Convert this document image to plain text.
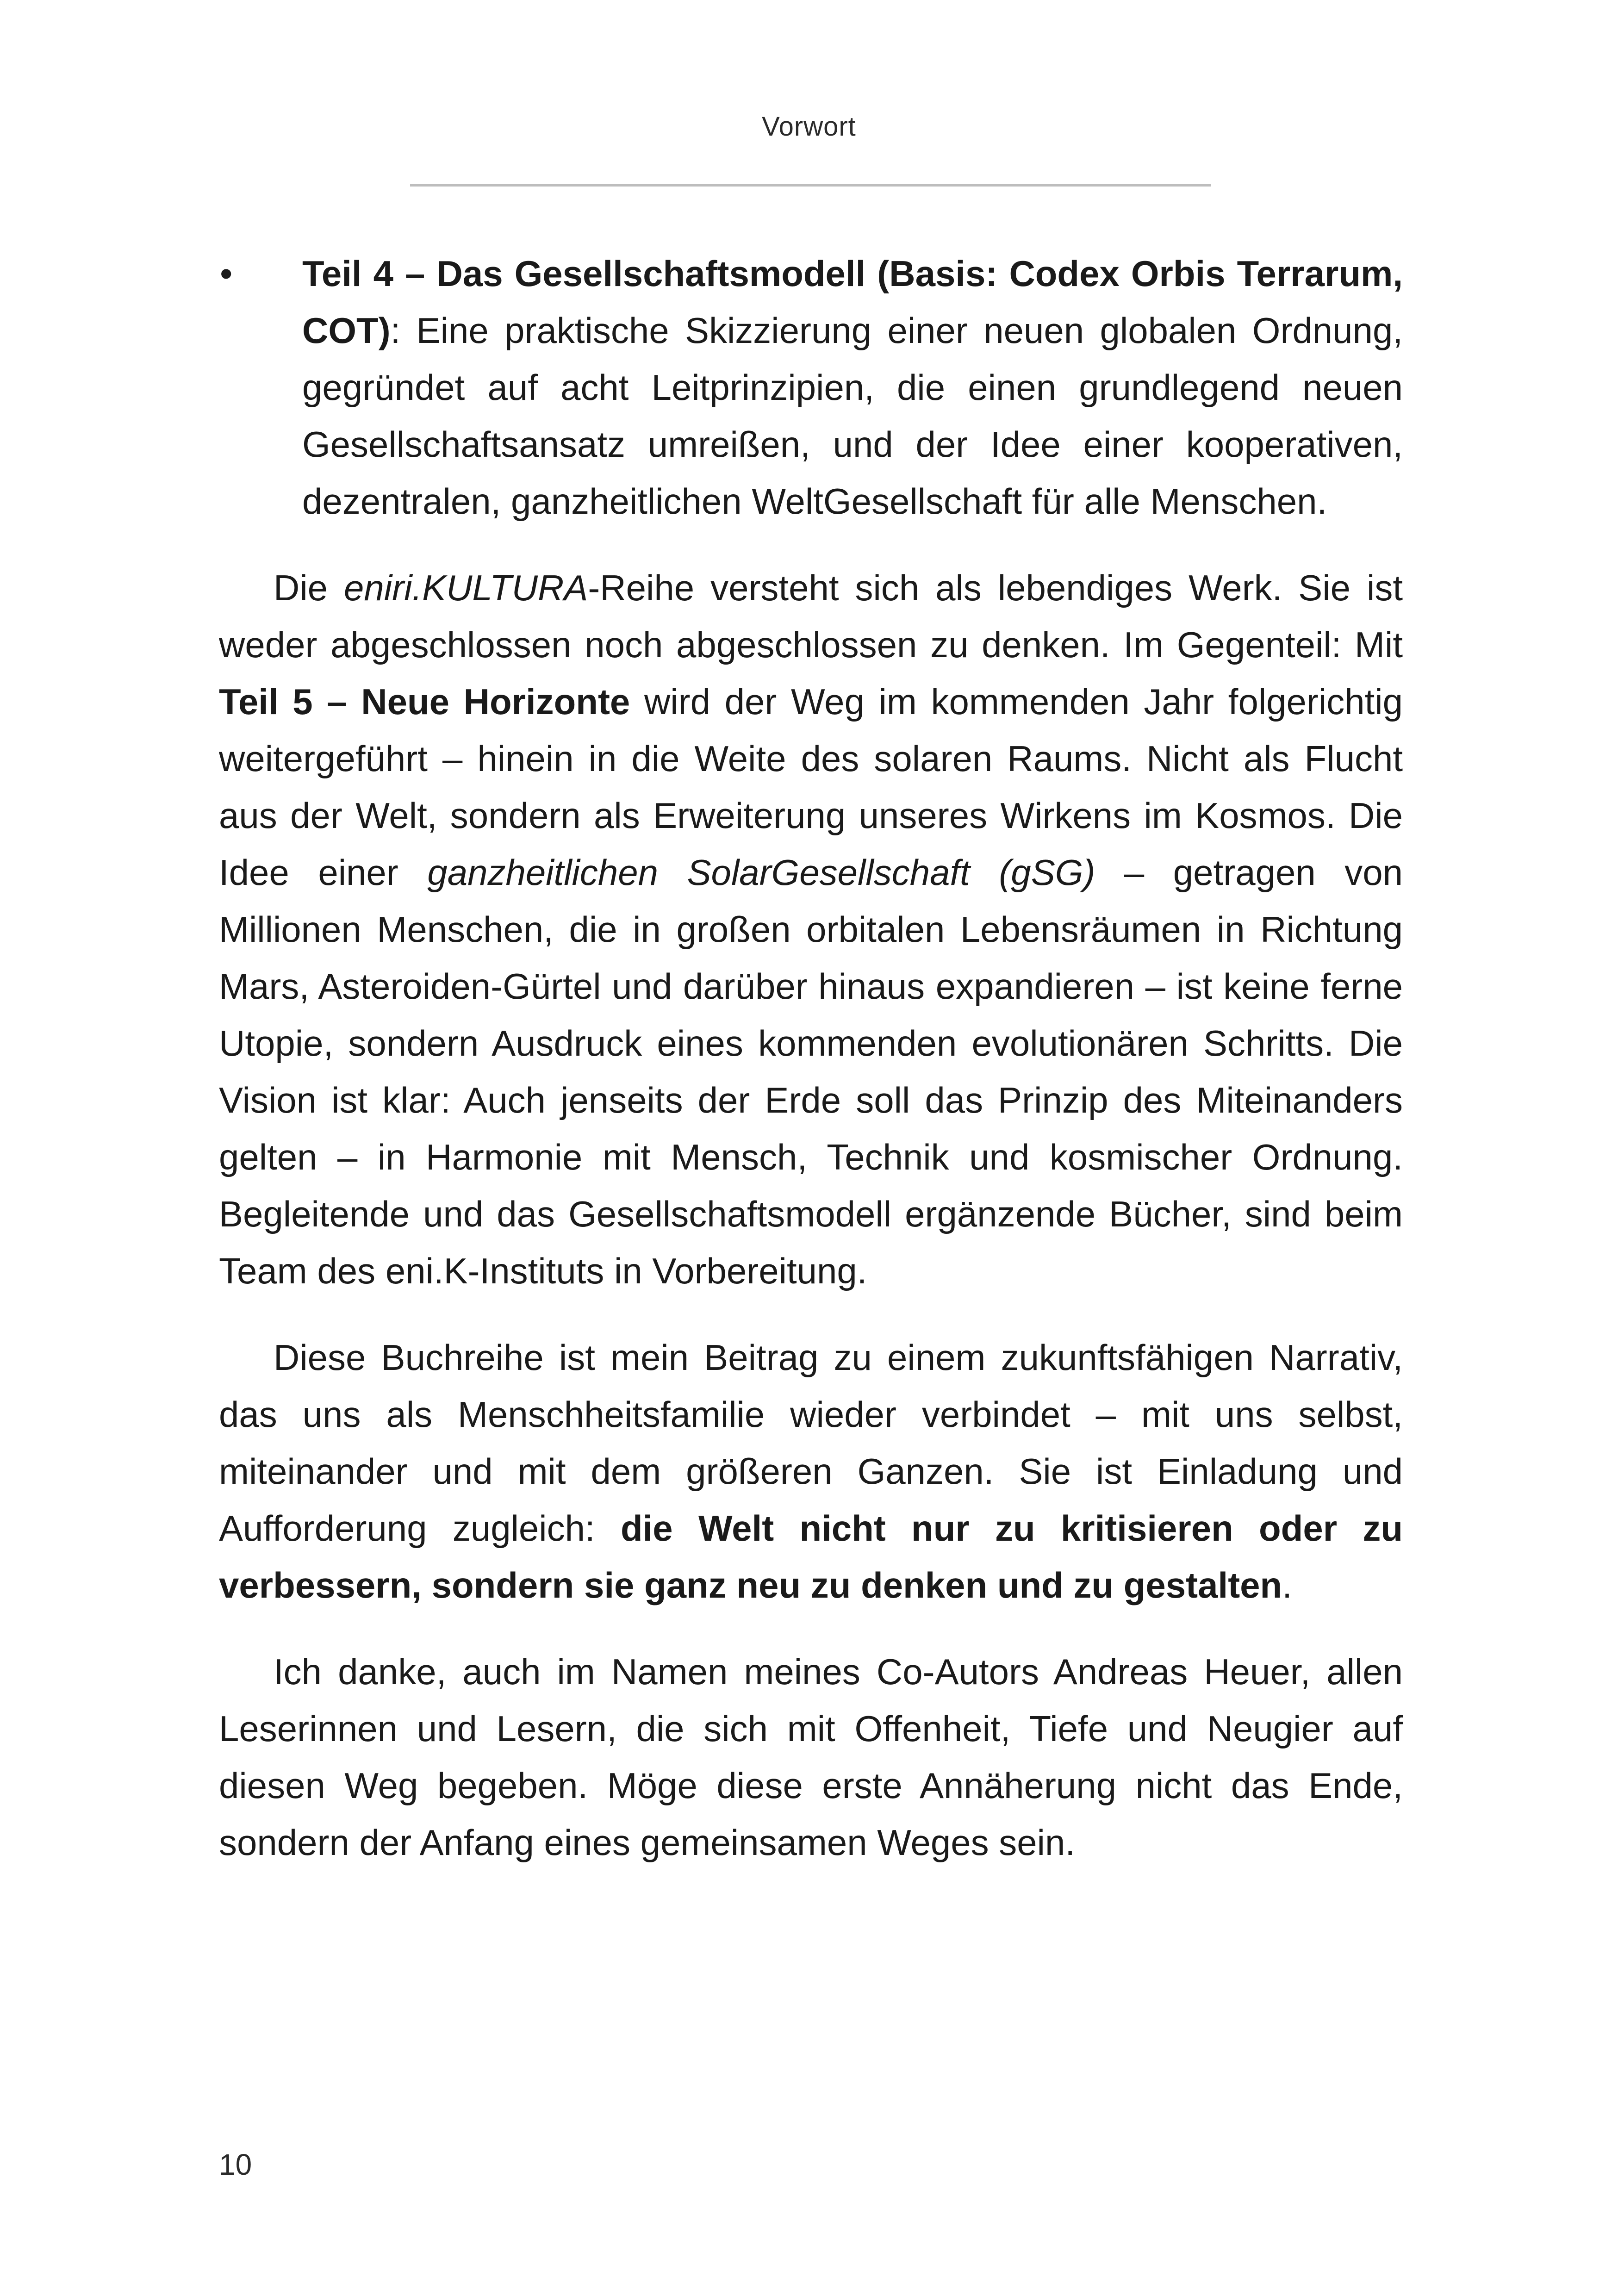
Vorwort

• Teil 4 – Das Gesellschaftsmodell (Basis: Codex Orbis Terrarum, COT): Eine praktische Skizzierung einer neuen globalen Ordnung, gegründet auf acht Leitprinzipien, die einen grundlegend neuen Gesellschaftsansatz umreißen, und der Idee einer kooperativen, dezentralen, ganzheitlichen WeltGesellschaft für alle Menschen.

Die eniri.KULTURA-Reihe versteht sich als lebendiges Werk. Sie ist weder abgeschlossen noch abgeschlossen zu denken. Im Gegenteil: Mit Teil 5 – Neue Horizonte wird der Weg im kommenden Jahr folgerichtig weitergeführt – hinein in die Weite des solaren Raums. Nicht als Flucht aus der Welt, sondern als Erweiterung unseres Wirkens im Kosmos. Die Idee einer ganzheitlichen SolarGesellschaft (gSG) – getragen von Millionen Menschen, die in großen orbitalen Lebensräumen in Richtung Mars, Asteroiden-Gürtel und darüber hinaus expandieren – ist keine ferne Utopie, sondern Ausdruck eines kommenden evolutionären Schritts. Die Vision ist klar: Auch jenseits der Erde soll das Prinzip des Miteinanders gelten – in Harmonie mit Mensch, Technik und kosmischer Ordnung. Begleitende und das Gesellschaftsmodell ergänzende Bücher, sind beim Team des eni.K-Instituts in Vorbereitung.

Diese Buchreihe ist mein Beitrag zu einem zukunftsfähigen Narrativ, das uns als Menschheitsfamilie wieder verbindet – mit uns selbst, miteinander und mit dem größeren Ganzen. Sie ist Einladung und Aufforderung zugleich: die Welt nicht nur zu kritisieren oder zu verbessern, sondern sie ganz neu zu denken und zu gestalten.

Ich danke, auch im Namen meines Co-Autors Andreas Heuer, allen Leserinnen und Lesern, die sich mit Offenheit, Tiefe und Neugier auf diesen Weg begeben. Möge diese erste Annäherung nicht das Ende, sondern der Anfang eines gemeinsamen Weges sein.

10
